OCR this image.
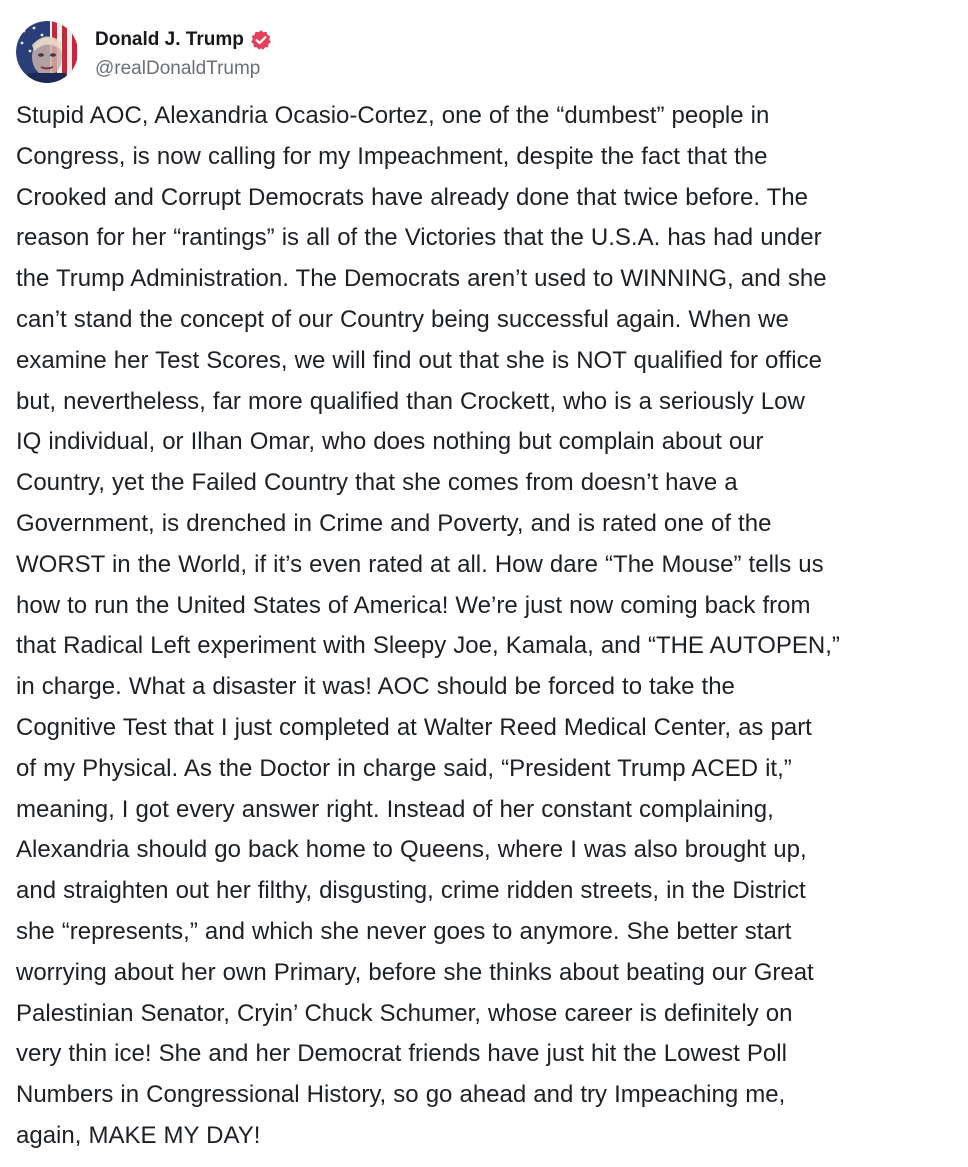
Donald J. Trump
@realDonaldTrump

Stupid AOC, Alexandria Ocasio-Cortez, one of the “dumbest” people in
Congress, is now calling for my Impeachment, despite the fact that the
Crooked and Corrupt Democrats have already done that twice before. The
reason for her “rantings” is all of the Victories that the U.S.A. has had under
the Trump Administration. The Democrats aren’t used to WINNING, and she
can’t stand the concept of our Country being successful again. When we
examine her Test Scores, we will find out that she is NOT qualified for office
but, nevertheless, far more qualified than Crockett, who is a seriously Low
IQ individual, or Ilhan Omar, who does nothing but complain about our
Country, yet the Failed Country that she comes from doesn’t have a
Government, is drenched in Crime and Poverty, and is rated one of the
WORST in the World, if it’s even rated at all. How dare “The Mouse” tells us
how to run the United States of America! We’re just now coming back from
that Radical Left experiment with Sleepy Joe, Kamala, and “THE AUTOPEN,”
in charge. What a disaster it was! AOC should be forced to take the
Cognitive Test that I just completed at Walter Reed Medical Center, as part
of my Physical. As the Doctor in charge said, “President Trump ACED it,”
meaning, I got every answer right. Instead of her constant complaining,
Alexandria should go back home to Queens, where I was also brought up,
and straighten out her filthy, disgusting, crime ridden streets, in the District
she “represents,” and which she never goes to anymore. She better start
worrying about her own Primary, before she thinks about beating our Great
Palestinian Senator, Cryin’ Chuck Schumer, whose career is definitely on
very thin ice! She and her Democrat friends have just hit the Lowest Poll
Numbers in Congressional History, so go ahead and try Impeaching me,
again, MAKE MY DAY!
